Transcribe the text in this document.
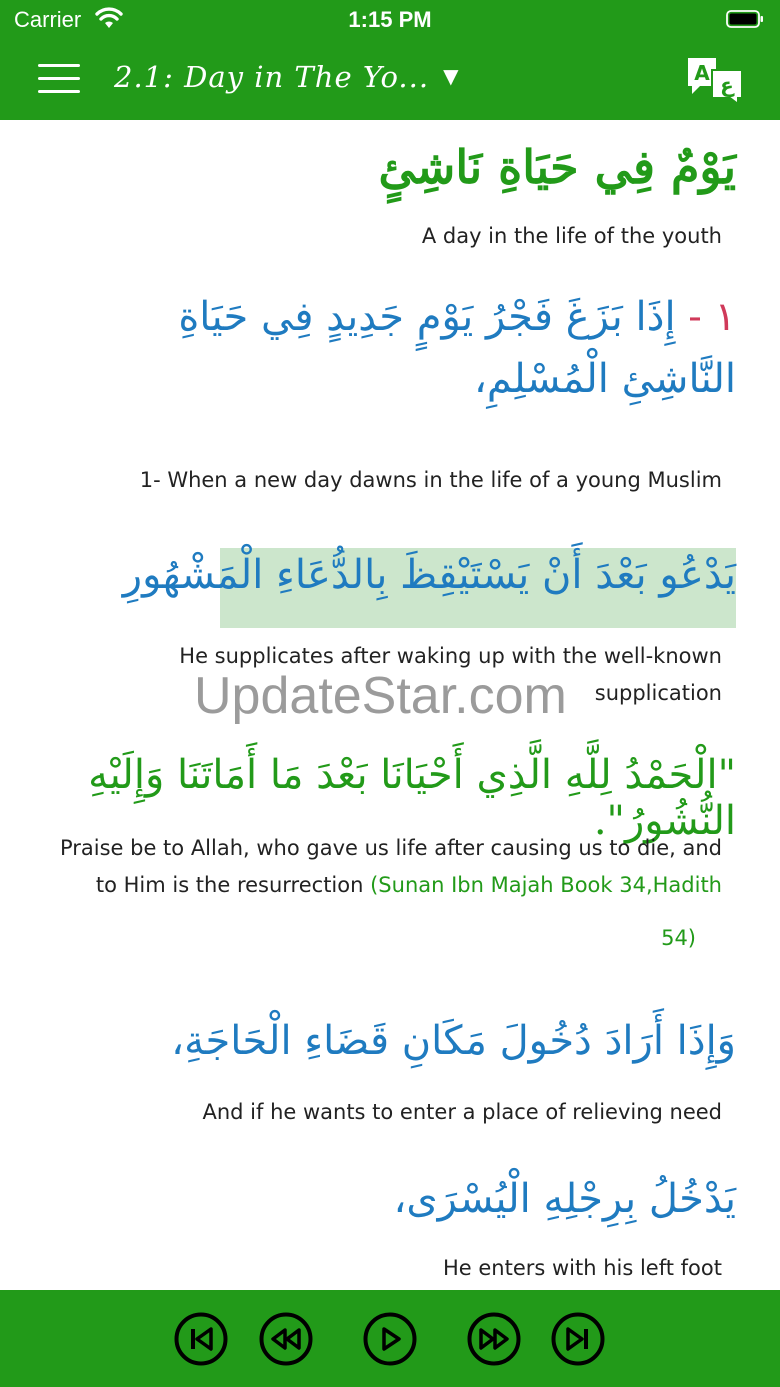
Carrier	1:15 PM
2.1: Day in The Yo... ▼	A ع
يَوْمٌ فِي حَيَاةِ نَاشِئٍ
A day in the life of the youth
١ - إِذَا بَزَغَ فَجْرُ يَوْمٍ جَدِيدٍ فِي حَيَاةِ النَّاشِئِ الْمُسْلِمِ،
1- When a new day dawns in the life of a young Muslim
يَدْعُو بَعْدَ أَنْ يَسْتَيْقِظَ بِالدُّعَاءِ الْمَشْهُورِ
He supplicates after waking up with the well-known supplication
UpdateStar.com
"الْحَمْدُ لِلَّهِ الَّذِي أَحْيَانَا بَعْدَ مَا أَمَاتَنَا وَإِلَيْهِ النُّشُورُ".
Praise be to Allah, who gave us life after causing us to die, and to Him is the resurrection (Sunan Ibn Majah Book 34,Hadith
54)
وَإِذَا أَرَادَ دُخُولَ مَكَانِ قَضَاءِ الْحَاجَةِ،
And if he wants to enter a place of relieving need
يَدْخُلُ بِرِجْلِهِ الْيُسْرَى،
He enters with his left foot
